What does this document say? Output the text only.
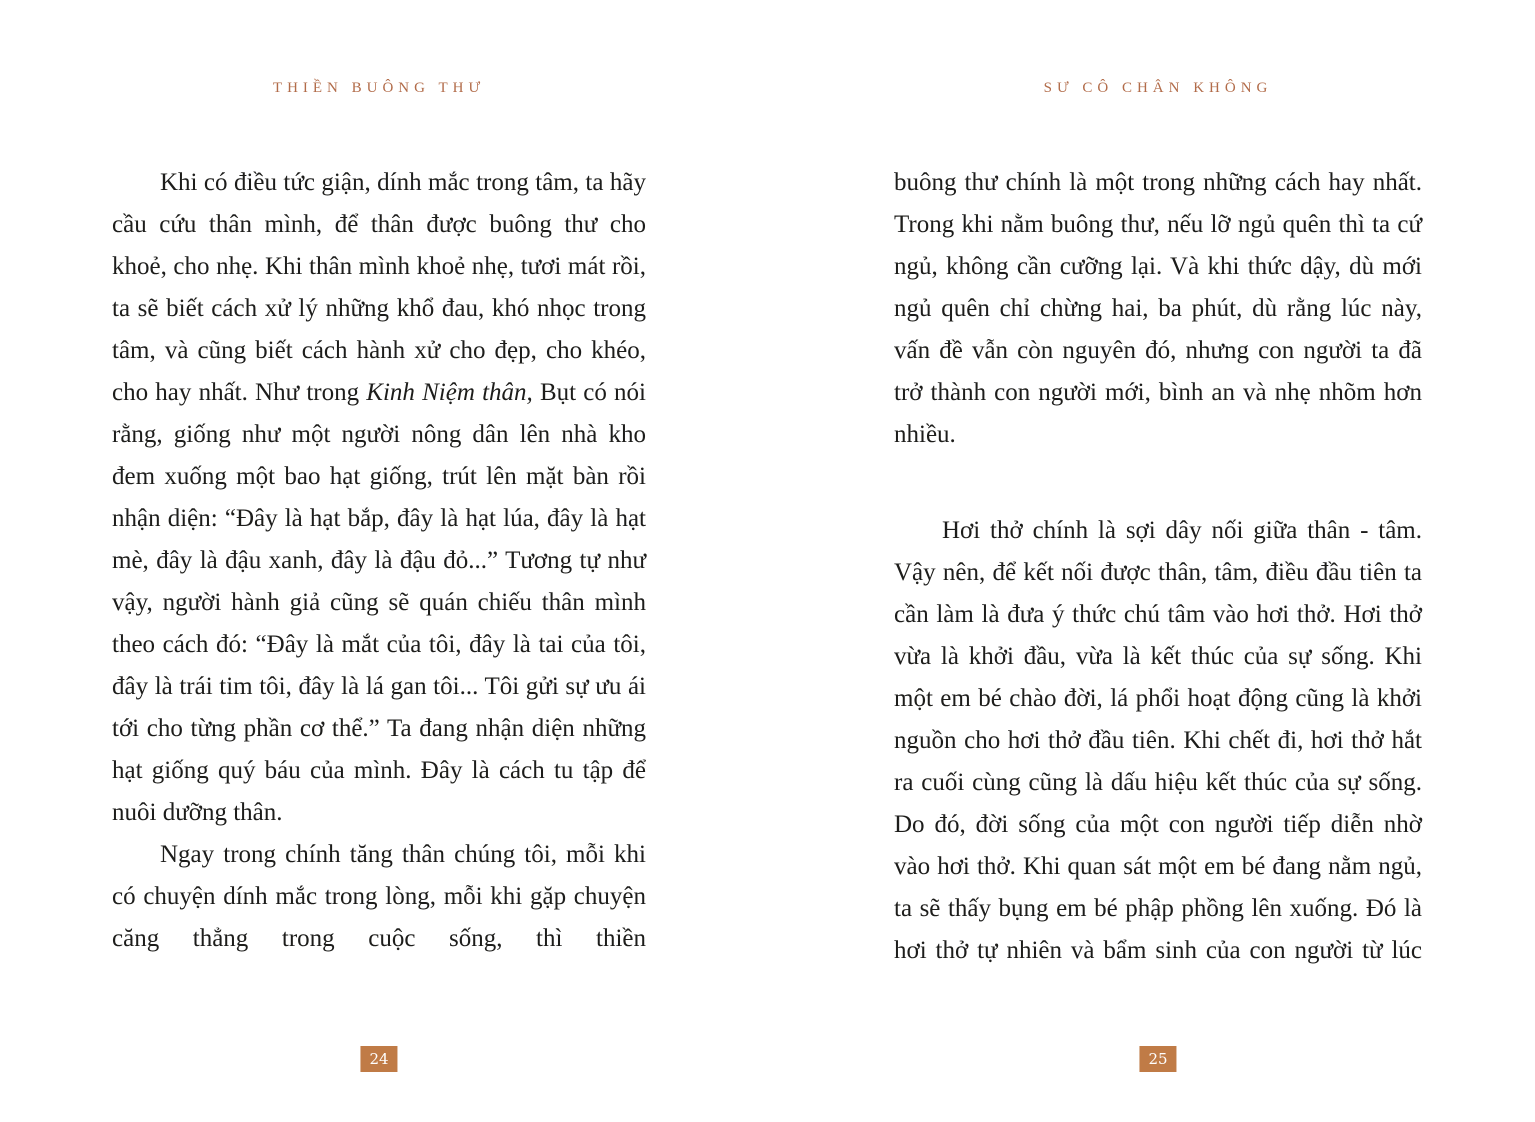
THIỀN BUÔNG THƯ

Khi có điều tức giận, dính mắc trong tâm, ta hãy cầu cứu thân mình, để thân được buông thư cho khoẻ, cho nhẹ. Khi thân mình khoẻ nhẹ, tươi mát rồi, ta sẽ biết cách xử lý những khổ đau, khó nhọc trong tâm, và cũng biết cách hành xử cho đẹp, cho khéo, cho hay nhất. Như trong Kinh Niệm thân, Bụt có nói rằng, giống như một người nông dân lên nhà kho đem xuống một bao hạt giống, trút lên mặt bàn rồi nhận diện: “Đây là hạt bắp, đây là hạt lúa, đây là hạt mè, đây là đậu xanh, đây là đậu đỏ...” Tương tự như vậy, người hành giả cũng sẽ quán chiếu thân mình theo cách đó: “Đây là mắt của tôi, đây là tai của tôi, đây là trái tim tôi, đây là lá gan tôi... Tôi gửi sự ưu ái tới cho từng phần cơ thể.” Ta đang nhận diện những hạt giống quý báu của mình. Đây là cách tu tập để nuôi dưỡng thân.

Ngay trong chính tăng thân chúng tôi, mỗi khi có chuyện dính mắc trong lòng, mỗi khi gặp chuyện căng thẳng trong cuộc sống, thì thiền

24
SƯ CÔ CHÂN KHÔNG

buông thư chính là một trong những cách hay nhất. Trong khi nằm buông thư, nếu lỡ ngủ quên thì ta cứ ngủ, không cần cưỡng lại. Và khi thức dậy, dù mới ngủ quên chỉ chừng hai, ba phút, dù rằng lúc này, vấn đề vẫn còn nguyên đó, nhưng con người ta đã trở thành con người mới, bình an và nhẹ nhõm hơn nhiều.

Hơi thở chính là sợi dây nối giữa thân - tâm. Vậy nên, để kết nối được thân, tâm, điều đầu tiên ta cần làm là đưa ý thức chú tâm vào hơi thở. Hơi thở vừa là khởi đầu, vừa là kết thúc của sự sống. Khi một em bé chào đời, lá phổi hoạt động cũng là khởi nguồn cho hơi thở đầu tiên. Khi chết đi, hơi thở hắt ra cuối cùng cũng là dấu hiệu kết thúc của sự sống. Do đó, đời sống của một con người tiếp diễn nhờ vào hơi thở. Khi quan sát một em bé đang nằm ngủ, ta sẽ thấy bụng em bé phập phồng lên xuống. Đó là hơi thở tự nhiên và bẩm sinh của con người từ lúc

25
